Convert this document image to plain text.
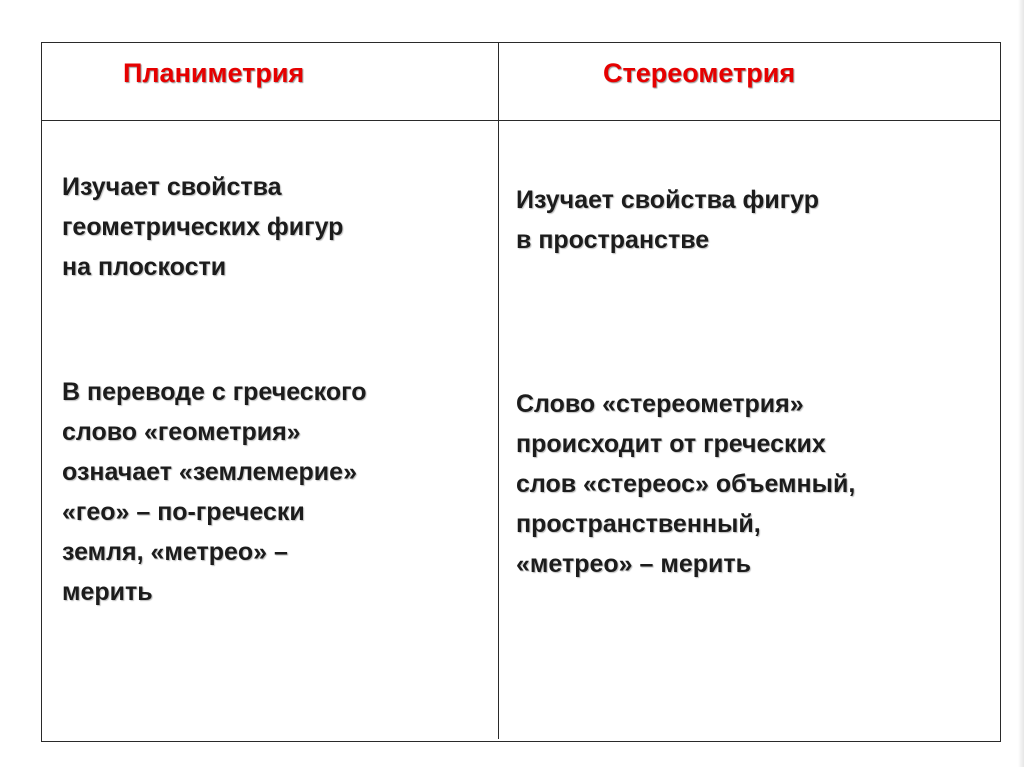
Планиметрия	Стереометрия
Изучает свойства
геометрических фигур
на плоскости
В переводе с греческого
слово «геометрия»
означает «землемерие»
«гео» – по-гречески
земля, «метрео» –
мерить
Изучает свойства фигур
в пространстве
Слово «стереометрия»
происходит от греческих
слов «стереос» объемный,
пространственный,
«метрео» – мерить
